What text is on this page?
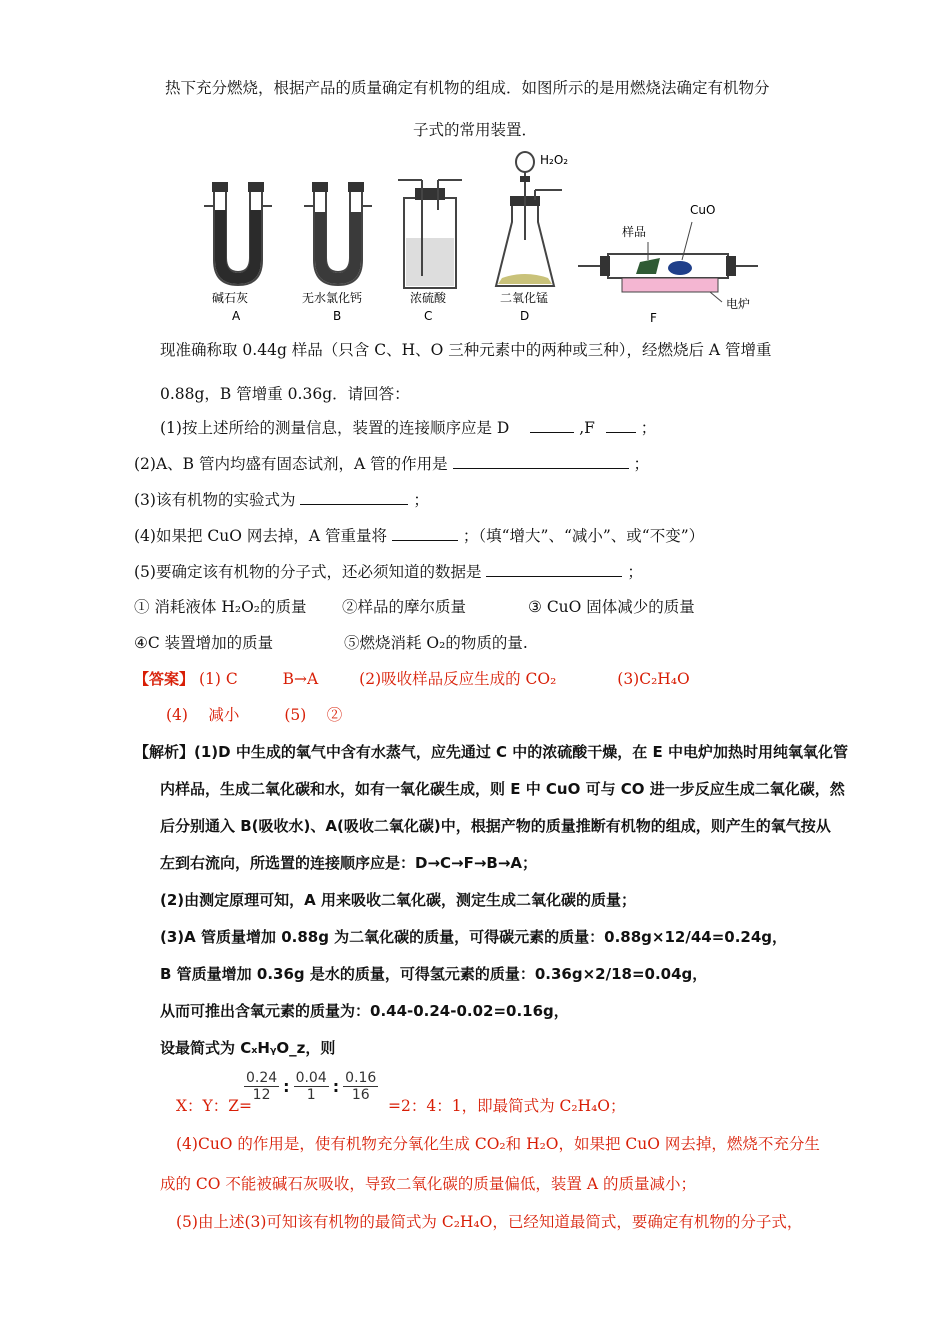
热下充分燃烧，根据产品的质量确定有机物的组成．如图所示的是用燃烧法确定有机物分
子式的常用装置．
碱石灰
A
无水氯化钙
B
浓硫酸
C
H₂O₂
二氧化锰
D
样品
CuO
电炉
F
现准确称取 0.44g 样品（只含 C、H、O 三种元素中的两种或三种），经燃烧后 A 管增重
0.88g，B 管增重 0.36g．请回答：
(1)按上述所给的测量信息，装置的连接顺序应是 D	,F	；
(2)A、B 管内均盛有固态试剂，A 管的作用是	；
(3)该有机物的实验式为	；
(4)如果把 CuO 网去掉，A 管重量将	；（填“增大”、“减小”、或“不变”）
(5)要确定该有机物的分子式，还必须知道的数据是	；
① 消耗液体 H₂O₂的质量 ②样品的摩尔质量	③ CuO 固体减少的质量
④C 装置增加的质量	⑤燃烧消耗 O₂的物质的量.
【答案】 (1) C	B→A	(2)吸收样品反应生成的 CO₂	(3)C₂H₄O
(4)　 减小	(5)　 ②
【解析】(1)D 中生成的氧气中含有水蒸气，应先通过 C 中的浓硫酸干燥，在 E 中电炉加热时用纯氧氧化管
内样品，生成二氧化碳和水，如有一氧化碳生成，则 E 中 CuO 可与 CO 进一步反应生成二氧化碳，然
后分别通入 B(吸收水)、A(吸收二氧化碳)中，根据产物的质量推断有机物的组成，则产生的氧气按从
左到右流向，所选置的连接顺序应是：D→C→F→B→A；
(2)由测定原理可知，A 用来吸收二氧化碳，测定生成二氧化碳的质量；
(3)A 管质量增加 0.88g 为二氧化碳的质量，可得碳元素的质量：0.88g×12/44=0.24g，
B 管质量增加 0.36g 是水的质量，可得氢元素的质量：0.36g×2/18=0.04g，
从而可推出含氧元素的质量为：0.44-0.24-0.02=0.16g，
设最简式为 CₓHᵧO_z，则
$\frac{0.24}{12}$ : $\frac{0.04}{1}$ : $\frac{0.16}{16}$
X：Y：Z=	=2：4：1，即最简式为 C₂H₄O；
(4)CuO 的作用是，使有机物充分氧化生成 CO₂和 H₂O，如果把 CuO 网去掉，燃烧不充分生
成的 CO 不能被碱石灰吸收，导致二氧化碳的质量偏低，装置 A 的质量减小；
(5)由上述(3)可知该有机物的最简式为 C₂H₄O，已经知道最简式，要确定有机物的分子式，
